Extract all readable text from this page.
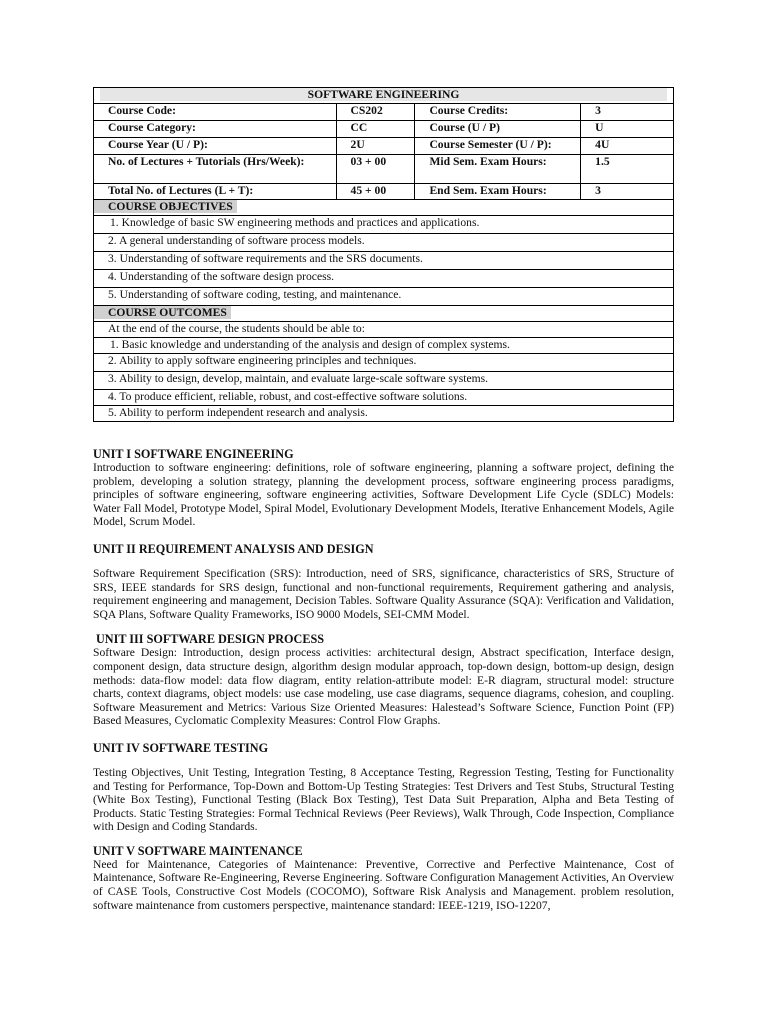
SOFTWARE ENGINEERING			

Course Code:	CS202	Course Credits:	3
Course Category:	CC	Course (U / P)	U
Course Year (U / P):	2U	Course Semester (U / P):	4U
No. of Lectures + Tutorials (Hrs/Week):	03 + 00	Mid Sem. Exam Hours:	1.5
Total No. of Lectures (L + T):	45 + 00	End Sem. Exam Hours:	3
COURSE OBJECTIVES			
1. Knowledge of basic SW engineering methods and practices and applications.			
2. A general understanding of software process models.			
3. Understanding of software requirements and the SRS documents.			
4. Understanding of the software design process.			
5. Understanding of software coding, testing, and maintenance.			
COURSE OUTCOMES			
At the end of the course, the students should be able to:			
1. Basic knowledge and understanding of the analysis and design of complex systems.			
2. Ability to apply software engineering principles and techniques.			
3. Ability to design, develop, maintain, and evaluate large-scale software systems.			
4. To produce efficient, reliable, robust, and cost-effective software solutions.			
5. Ability to perform independent research and analysis.			

UNIT I SOFTWARE ENGINEERING

Introduction to software engineering: definitions, role of software engineering, planning a software project, defining the problem, developing a solution strategy, planning the development process, software engineering process paradigms, principles of software engineering, software engineering activities, Software Development Life Cycle (SDLC) Models: Water Fall Model, Prototype Model, Spiral Model, Evolutionary Development Models, Iterative Enhancement Models, Agile Model, Scrum Model.

UNIT II REQUIREMENT ANALYSIS AND DESIGN

Software Requirement Specification (SRS): Introduction, need of SRS, significance, characteristics of SRS, Structure of SRS, IEEE standards for SRS design, functional and non-functional requirements, Requirement gathering and analysis, requirement engineering and management, Decision Tables. Software Quality Assurance (SQA): Verification and Validation, SQA Plans, Software Quality Frameworks, ISO 9000 Models, SEI-CMM Model.

UNIT III SOFTWARE DESIGN PROCESS

Software Design: Introduction, design process activities: architectural design, Abstract specification, Interface design, component design, data structure design, algorithm design modular approach, top-down design, bottom-up design, design methods: data-flow model: data flow diagram, entity relation-attribute model: E-R diagram, structural model: structure charts, context diagrams, object models: use case modeling, use case diagrams, sequence diagrams, cohesion, and coupling. Software Measurement and Metrics: Various Size Oriented Measures: Halestead’s Software Science, Function Point (FP) Based Measures, Cyclomatic Complexity Measures: Control Flow Graphs.

UNIT IV SOFTWARE TESTING

Testing Objectives, Unit Testing, Integration Testing, 8 Acceptance Testing, Regression Testing, Testing for Functionality and Testing for Performance, Top-Down and Bottom-Up Testing Strategies: Test Drivers and Test Stubs, Structural Testing (White Box Testing), Functional Testing (Black Box Testing), Test Data Suit Preparation, Alpha and Beta Testing of Products. Static Testing Strategies: Formal Technical Reviews (Peer Reviews), Walk Through, Code Inspection, Compliance with Design and Coding Standards.

UNIT V SOFTWARE MAINTENANCE

Need for Maintenance, Categories of Maintenance: Preventive, Corrective and Perfective Maintenance, Cost of Maintenance, Software Re-Engineering, Reverse Engineering. Software Configuration Management Activities, An Overview of CASE Tools, Constructive Cost Models (COCOMO), Software Risk Analysis and Management. problem resolution, software maintenance from customers perspective, maintenance standard: IEEE-1219, ISO-12207,
